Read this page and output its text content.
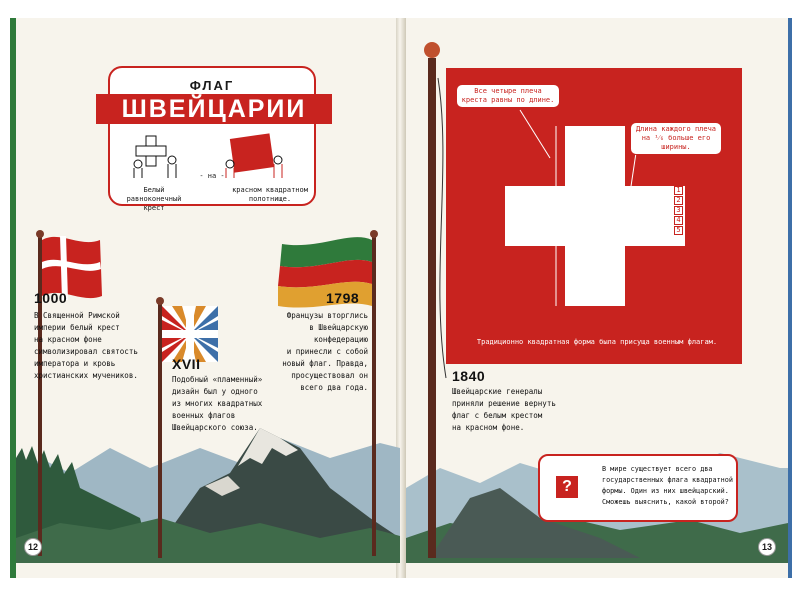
ФЛАГ
ШВЕЙЦАРИИ
Белый равноконечный крест
- на -
красном квадратном полотнище.
1000
В Священной Римской
империи белый крест
на красном фоне
символизировал святость
императора и кровь
христианских мучеников.
XVII
Подобный «пламенный»
дизайн был у одного
из многих квадратных
военных флагов
Швейцарского союза.
1798
Французы вторглись
в Швейцарскую
конфедерацию
и принесли с собой
новый флаг. Правда,
просуществовал он
всего два года.
12
Все четыре плеча креста равны по длине.
Длина каждого плеча на ¹⁄₆ больше его ширины.
6 5 4 3 2 1 1
2
3
4
5
Традиционно квадратная форма была присуща военным флагам.
1840
Швейцарские генералы
приняли решение вернуть
флаг с белым крестом
на красном фоне.
?
В мире существует всего два
государственных флага квадратной
формы. Один из них швейцарский.
Сможешь выяснить, какой второй?
13
